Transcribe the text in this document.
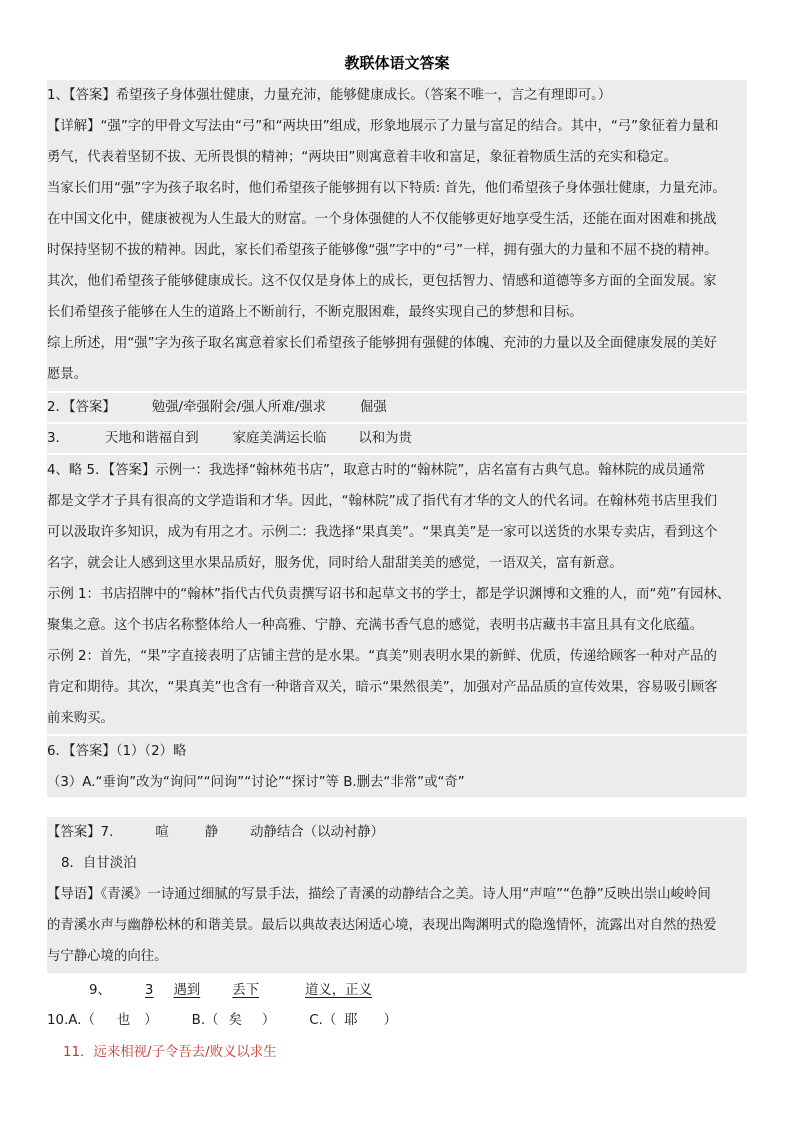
教联体语文答案
1、【答案】希望孩子身体强壮健康，力量充沛，能够健康成长。（答案不唯一，言之有理即可。）
【详解】“强”字的甲骨文写法由“弓”和“两块田”组成，形象地展示了力量与富足的结合。其中，“弓”象征着力量和
勇气，代表着坚韧不拔、无所畏惧的精神；“两块田”则寓意着丰收和富足，象征着物质生活的充实和稳定。
当家长们用“强”字为孩子取名时，他们希望孩子能够拥有以下特质: 首先，他们希望孩子身体强壮健康，力量充沛。
在中国文化中，健康被视为人生最大的财富。一个身体强健的人不仅能够更好地享受生活，还能在面对困难和挑战
时保持坚韧不拔的精神。因此，家长们希望孩子能够像“强”字中的“弓”一样，拥有强大的力量和不屈不挠的精神。
其次，他们希望孩子能够健康成长。这不仅仅是身体上的成长，更包括智力、情感和道德等多方面的全面发展。家
长们希望孩子能够在人生的道路上不断前行，不断克服困难，最终实现自己的梦想和目标。
综上所述，用“强”字为孩子取名寓意着家长们希望孩子能够拥有强健的体魄、充沛的力量以及全面健康发展的美好
愿景。
2．【答案】	勉强/牵强附会/强人所难/强求	倔强
3．	天地和谐福自到	家庭美满运长临 以和为贵
4、略 5．【答案】示例一：我选择“翰林苑书店”，取意古时的“翰林院”，店名富有古典气息。翰林院的成员通常
都是文学才子具有很高的文学造诣和才华。因此，“翰林院”成了指代有才华的文人的代名词。在翰林苑书店里我们
可以汲取许多知识，成为有用之才。示例二：我选择“果真美”。“果真美”是一家可以送货的水果专卖店，看到这个
名字，就会让人感到这里水果品质好，服务优，同时给人甜甜美美的感觉，一语双关，富有新意。
示例 1：书店招牌中的“翰林”指代古代负责撰写诏书和起草文书的学士，都是学识渊博和文雅的人，而“苑”有园林、
聚集之意。这个书店名称整体给人一种高雅、宁静、充满书香气息的感觉，表明书店藏书丰富且具有文化底蕴。
示例 2：首先，“果”字直接表明了店铺主营的是水果。“真美”则表明水果的新鲜、优质，传递给顾客一种对产品的
肯定和期待。其次，“果真美”也含有一种谐音双关，暗示“果然很美”，加强对产品品质的宣传效果，容易吸引顾客
前来购买。
6．【答案】（1）（2）略
（3）A.“垂询”改为“询问”“问询”“讨论”“探讨”等 B.删去“非常”或“奇”
【答案】7.	喧	静 动静结合（以动衬静）
8．自甘淡泊
【导语】《青溪》一诗通过细腻的写景手法，描绘了青溪的动静结合之美。诗人用“声喧”“色静”反映出崇山峻岭间
的青溪水声与幽静松林的和谐美景。最后以典故表达闲适心境，表现出陶渊明式的隐逸情怀，流露出对自然的热爱
与宁静心境的向往。
9、	3 遇到 丢下	道义，正义
10.A.（ 也 ）	B.（ 矣 ）	C.（ 耶 ）
11．远来相视/子令吾去/败义以求生
